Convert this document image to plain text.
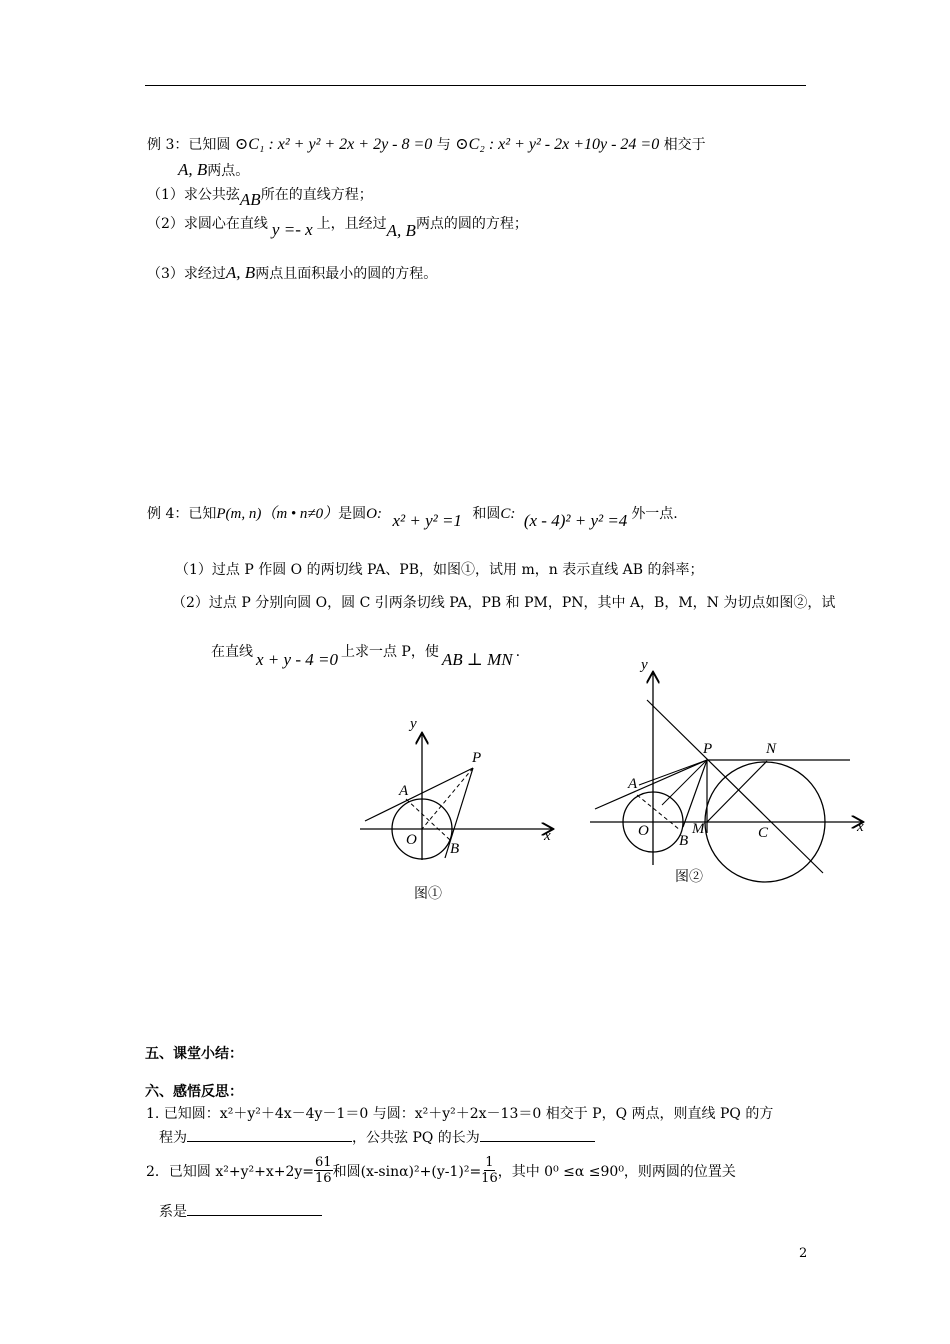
例 3：已知圆 ⊙C₁ : x² + y² + 2x + 2y - 8 =0 与 ⊙C₂ : x² + y² - 2x +10y - 24 =0 相交于
A, B两点。
（1）求公共弦AB所在的直线方程；
（2）求圆心在直线 y =- x 上，且经过A, B两点的圆的方程；
（3）求经过A, B两点且面积最小的圆的方程。
例 4：已知P(m, n)（m • n≠0）是圆O: x² + y² =1 和圆C: (x - 4)² + y² =4 外一点.
（1）过点 P 作圆 O 的两切线 PA、PB，如图①，试用 m，n 表示直线 AB 的斜率；
（2）过点 P 分别向圆 O，圆 C 引两条切线 PA，PB 和 PM，PN，其中 A，B，M，N 为切点如图②，试
在直线 x + y - 4 =0 上求一点 P，使 AB ⊥ MN .
y
x
P
A
O
B
图①
y
x
P	N
A
O
B
M	C
图②
五、课堂小结：
六、感悟反思：
1. 已知圆：x²＋y²＋4x－4y－1＝0 与圆：x²＋y²＋2x－13＝0 相交于 P，Q 两点，则直线 PQ 的方
程为	，公共弦 PQ 的长为
2．已知圆 $x^2+y^2+x+2y= \frac{61}{16}$ 和圆$(x-\sin\alpha)^2+(y-1)^2= \frac{1}{16}$ ，其中 0⁰ ≤α ≤90⁰，则两圆的位置关
系是
2
